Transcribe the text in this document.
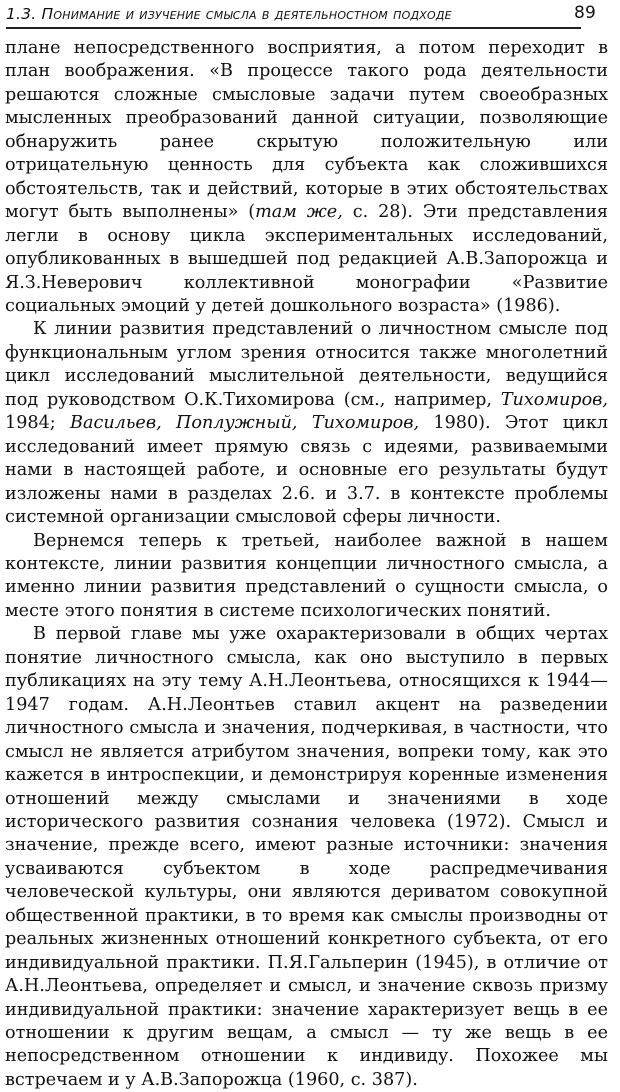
1.3. Понимание и изучение смысла в деятельностном подходе	89

плане непосредственного восприятия, а потом переходит в план воображения. «В процессе такого рода деятельности решаются сложные смысловые задачи путем своеобразных мысленных преобразований данной ситуации, позволяющие обнаружить ранее скрытую положительную или отрицательную ценность для субъекта как сложившихся обстоятельств, так и действий, которые в этих обстоятельствах могут быть выполнены» (там же, с. 28). Эти представления легли в основу цикла экспериментальных исследований, опубликованных в вышедшей под редакцией А.В.Запорожца и Я.З.Неверович коллективной монографии «Развитие социальных эмоций у детей дошкольного возраста» (1986).

К линии развития представлений о личностном смысле под функциональным углом зрения относится также многолетний цикл исследований мыслительной деятельности, ведущийся под руководством О.К.Тихомирова (см., например, Тихомиров, 1984; Васильев, Поплужный, Тихомиров, 1980). Этот цикл исследований имеет прямую связь с идеями, развиваемыми нами в настоящей работе, и основные его результаты будут изложены нами в разделах 2.6. и 3.7. в контексте проблемы системной организации смысловой сферы личности.

Вернемся теперь к третьей, наиболее важной в нашем контексте, линии развития концепции личностного смысла, а именно линии развития представлений о сущности смысла, о месте этого понятия в системе психологических понятий.

В первой главе мы уже охарактеризовали в общих чертах понятие личностного смысла, как оно выступило в первых публикациях на эту тему А.Н.Леонтьева, относящихся к 1944—1947 годам. А.Н.Леонтьев ставил акцент на разведении личностного смысла и значения, подчеркивая, в частности, что смысл не является атрибутом значения, вопреки тому, как это кажется в интроспекции, и демонстрируя коренные изменения отношений между смыслами и значениями в ходе исторического развития сознания человека (1972). Смысл и значение, прежде всего, имеют разные источники: значения усваиваются субъектом в ходе распредмечивания человеческой культуры, они являются дериватом совокупной общественной практики, в то время как смыслы производны от реальных жизненных отношений конкретного субъекта, от его индивидуальной практики. П.Я.Гальперин (1945), в отличие от А.Н.Леонтьева, определяет и смысл, и значение сквозь призму индивидуальной практики: значение характеризует вещь в ее отношении к другим вещам, а смысл — ту же вещь в ее непосредственном отношении к индивиду. Похожее мы встречаем и у А.В.Запорожца (1960, с. 387).
